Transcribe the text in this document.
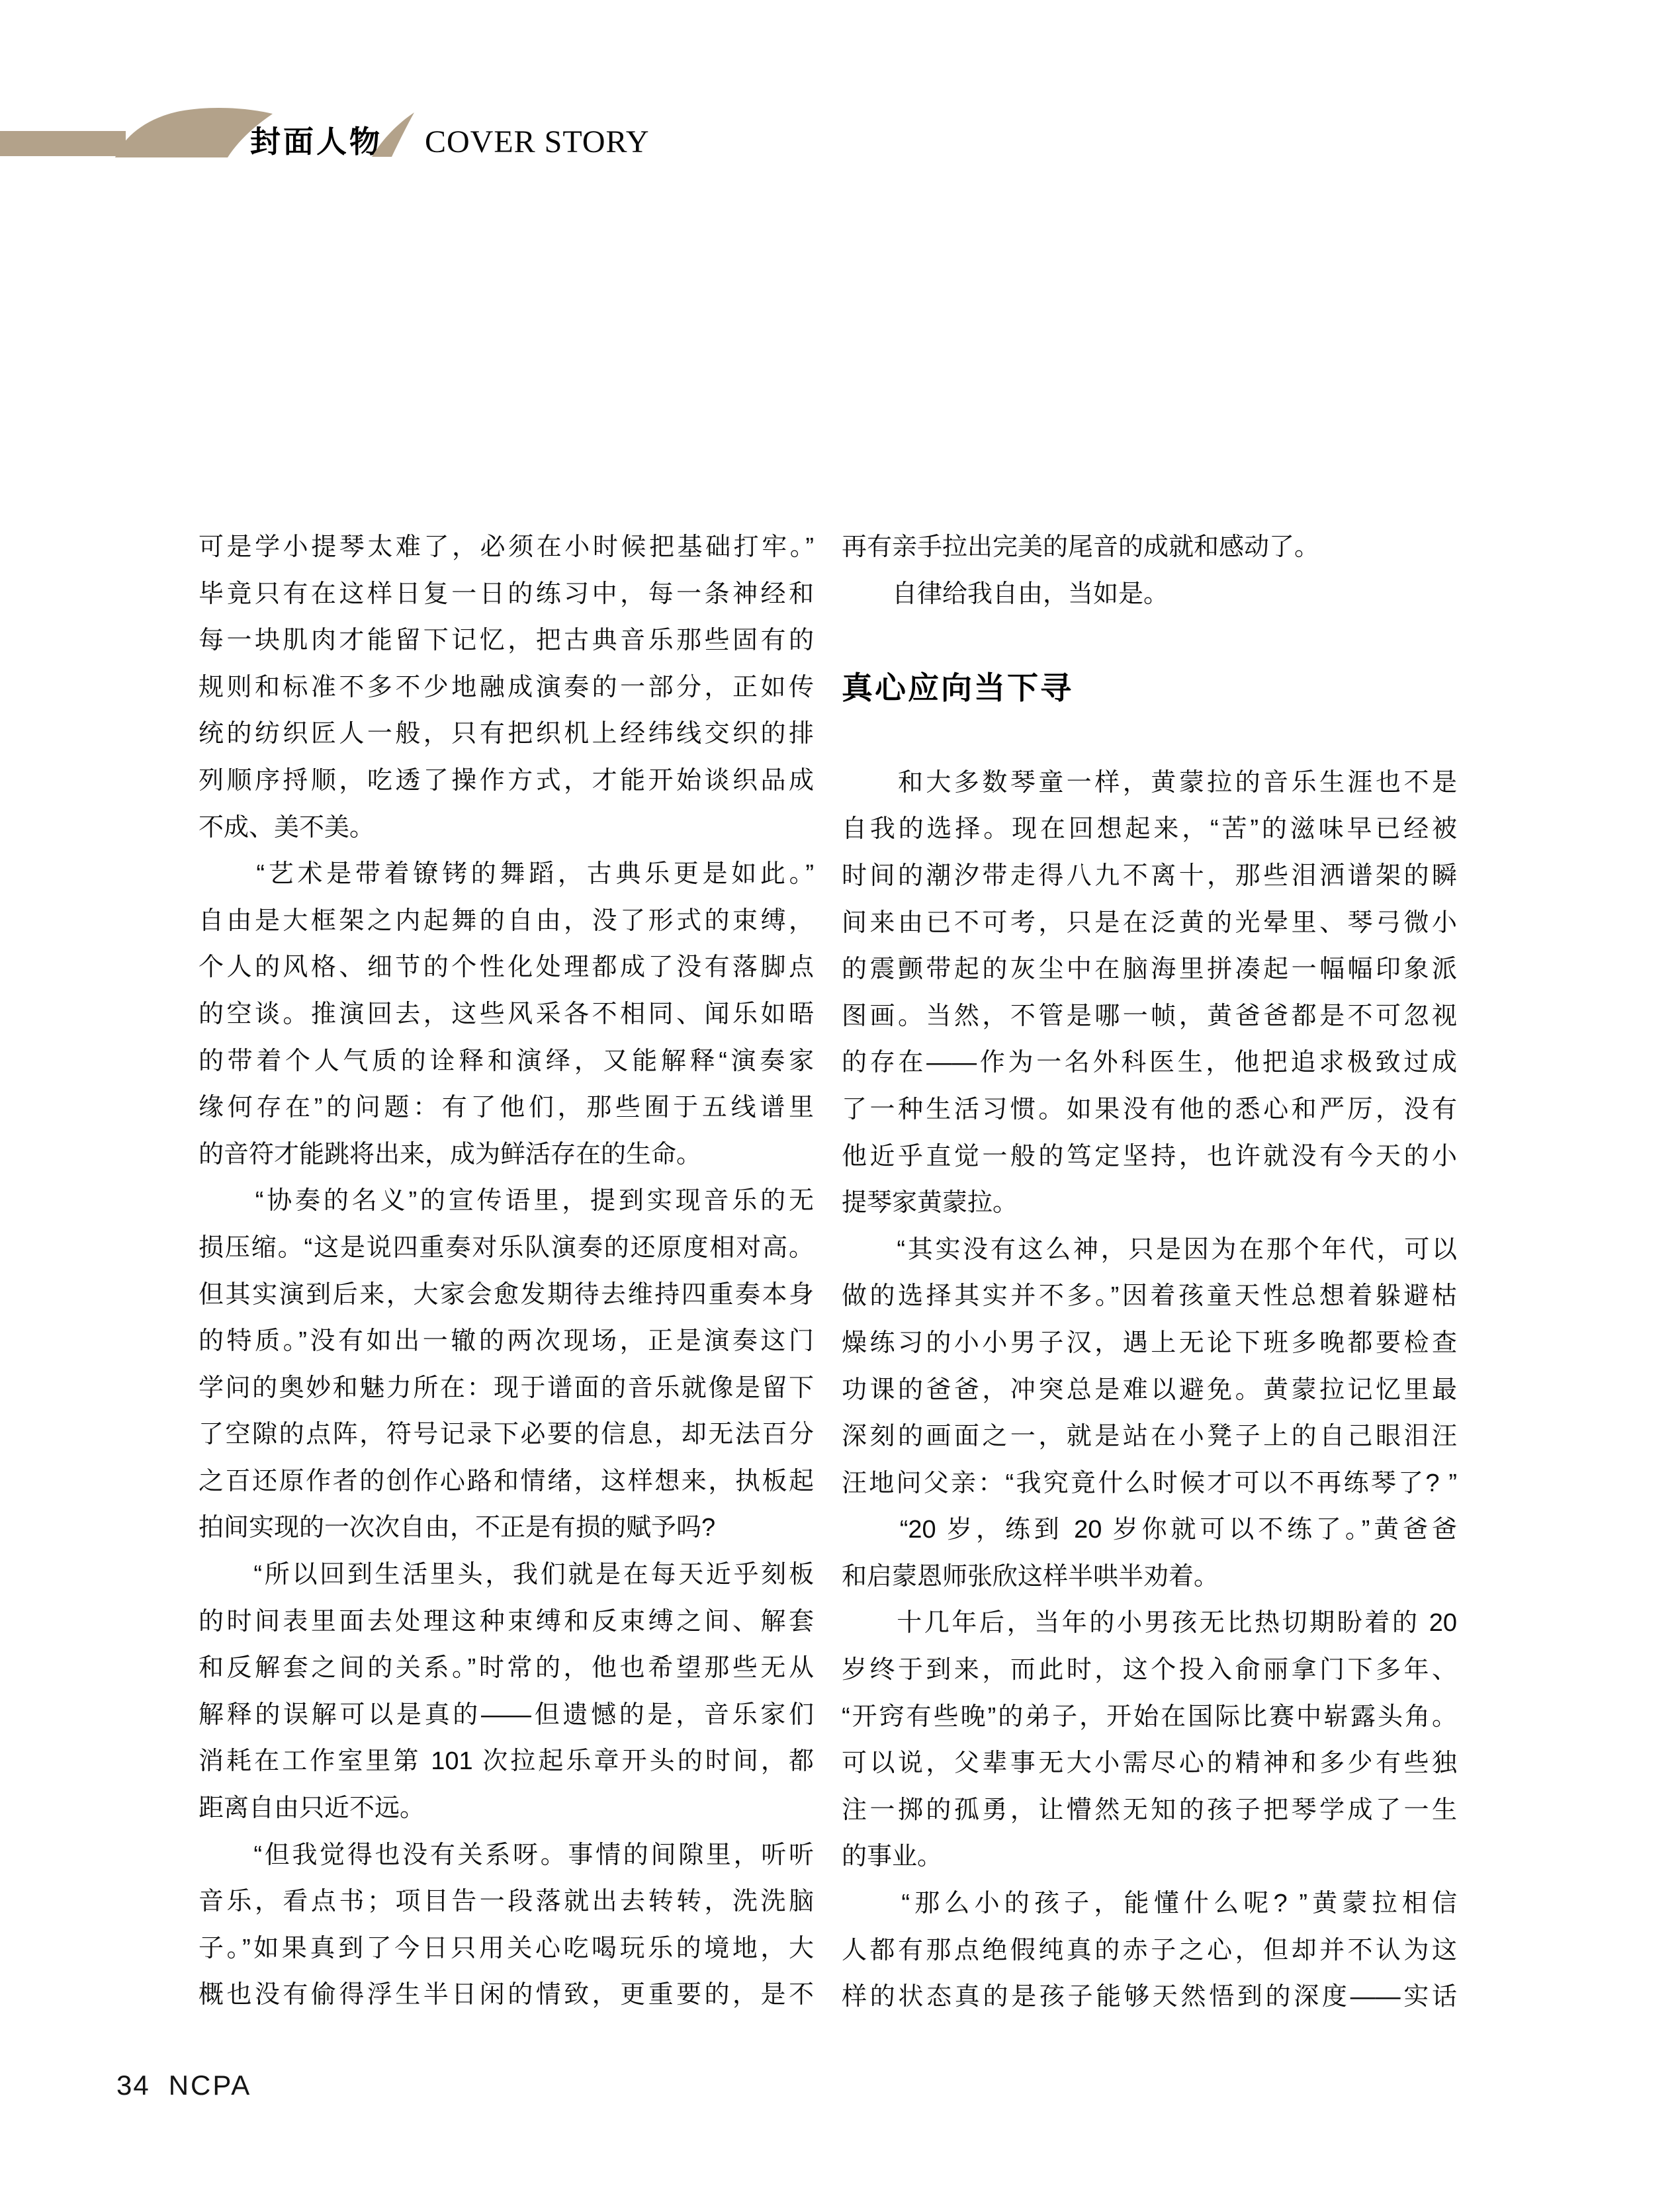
封面人物 COVER STORY
可是学小提琴太难了，必须在小时候把基础打牢。”
毕竟只有在这样日复一日的练习中，每一条神经和
每一块肌肉才能留下记忆，把古典音乐那些固有的
规则和标准不多不少地融成演奏的一部分，正如传
统的纺织匠人一般，只有把织机上经纬线交织的排
列顺序捋顺，吃透了操作方式，才能开始谈织品成
不成、美不美。
　　“艺术是带着镣铐的舞蹈，古典乐更是如此。”
自由是大框架之内起舞的自由，没了形式的束缚，
个人的风格、细节的个性化处理都成了没有落脚点
的空谈。推演回去，这些风采各不相同、闻乐如晤
的带着个人气质的诠释和演绎，又能解释“演奏家
缘何存在”的问题：有了他们，那些囿于五线谱里
的音符才能跳将出来，成为鲜活存在的生命。
　　“协奏的名义”的宣传语里，提到实现音乐的无
损压缩。“这是说四重奏对乐队演奏的还原度相对高。
但其实演到后来，大家会愈发期待去维持四重奏本身
的特质。”没有如出一辙的两次现场，正是演奏这门
学问的奥妙和魅力所在：现于谱面的音乐就像是留下
了空隙的点阵，符号记录下必要的信息，却无法百分
之百还原作者的创作心路和情绪，这样想来，执板起
拍间实现的一次次自由，不正是有损的赋予吗?
　　“所以回到生活里头，我们就是在每天近乎刻板
的时间表里面去处理这种束缚和反束缚之间、解套
和反解套之间的关系。”时常的，他也希望那些无从
解释的误解可以是真的——但遗憾的是，音乐家们
消耗在工作室里第 101 次拉起乐章开头的时间，都
距离自由只近不远。
　　“但我觉得也没有关系呀。事情的间隙里，听听
音乐，看点书；项目告一段落就出去转转，洗洗脑
子。”如果真到了今日只用关心吃喝玩乐的境地，大
概也没有偷得浮生半日闲的情致，更重要的，是不
再有亲手拉出完美的尾音的成就和感动了。
　　自律给我自由，当如是。
真心应向当下寻
　　和大多数琴童一样，黄蒙拉的音乐生涯也不是
自我的选择。现在回想起来，“苦”的滋味早已经被
时间的潮汐带走得八九不离十，那些泪洒谱架的瞬
间来由已不可考，只是在泛黄的光晕里、琴弓微小
的震颤带起的灰尘中在脑海里拼凑起一幅幅印象派
图画。当然，不管是哪一帧，黄爸爸都是不可忽视
的存在——作为一名外科医生，他把追求极致过成
了一种生活习惯。如果没有他的悉心和严厉，没有
他近乎直觉一般的笃定坚持，也许就没有今天的小
提琴家黄蒙拉。
　　“其实没有这么神，只是因为在那个年代，可以
做的选择其实并不多。”因着孩童天性总想着躲避枯
燥练习的小小男子汉，遇上无论下班多晚都要检查
功课的爸爸，冲突总是难以避免。黄蒙拉记忆里最
深刻的画面之一，就是站在小凳子上的自己眼泪汪
汪地问父亲：“我究竟什么时候才可以不再练琴了? ”
　　“20 岁，练到 20 岁你就可以不练了。”黄爸爸
和启蒙恩师张欣这样半哄半劝着。
　　十几年后，当年的小男孩无比热切期盼着的 20
岁终于到来，而此时，这个投入俞丽拿门下多年、
“开窍有些晚”的弟子，开始在国际比赛中崭露头角。
可以说，父辈事无大小需尽心的精神和多少有些独
注一掷的孤勇，让懵然无知的孩子把琴学成了一生
的事业。
　　“那么小的孩子，能懂什么呢? ”黄蒙拉相信
人都有那点绝假纯真的赤子之心，但却并不认为这
样的状态真的是孩子能够天然悟到的深度——实话
34 NCPA
